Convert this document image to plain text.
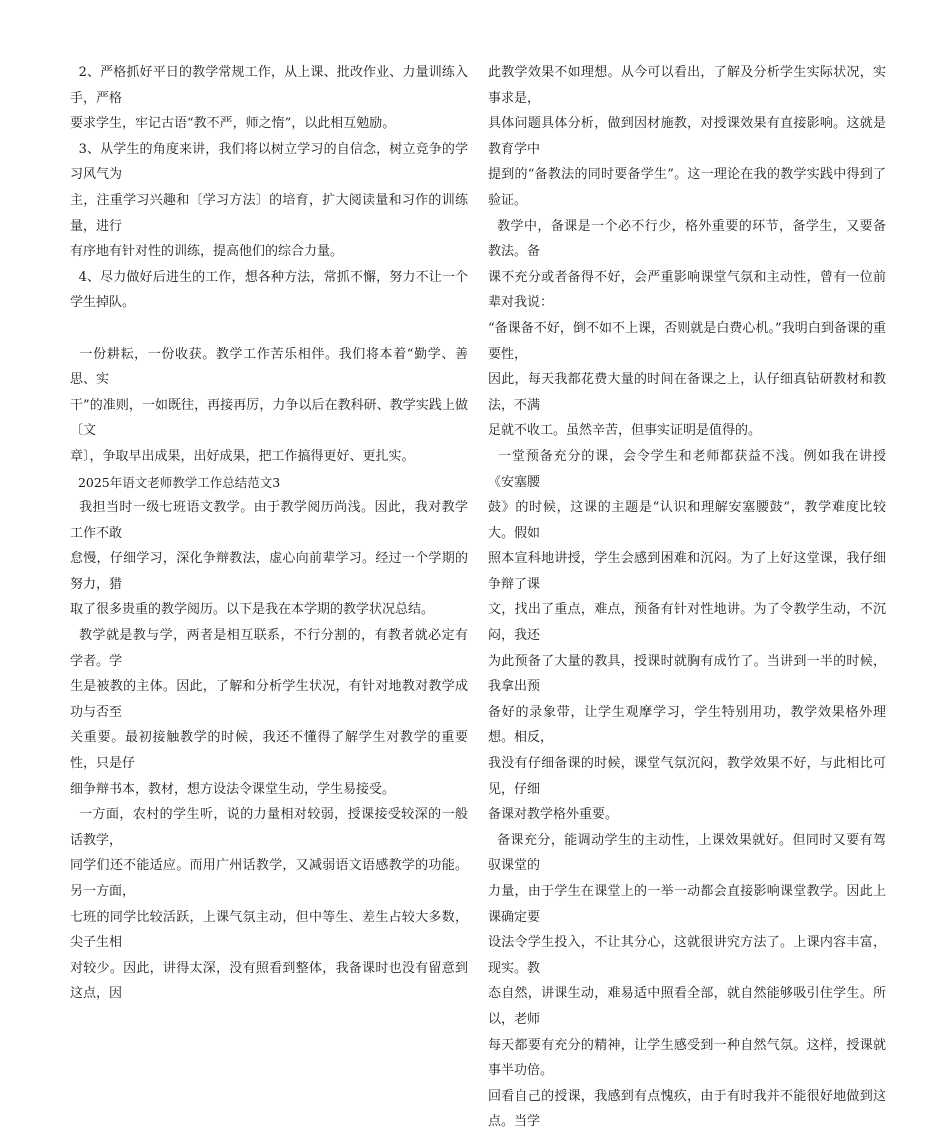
2、严格抓好平日的教学常规工作，从上课、批改作业、力量训练入手，严格
要求学生，牢记古语“教不严，师之惰”，以此相互勉励。

3、从学生的角度来讲，我们将以树立学习的自信念，树立竞争的学习风气为
主，注重学习兴趣和〔学习方法〕的培育，扩大阅读量和习作的训练量，进行
有序地有针对性的训练，提高他们的综合力量。

4、尽力做好后进生的工作，想各种方法，常抓不懈，努力不让一个学生掉队。

一份耕耘，一份收获。教学工作苦乐相伴。我们将本着“勤学、善思、实
干”的准则，一如既往，再接再厉，力争以后在教科研、教学实践上做〔文
章〕，争取早出成果，出好成果，把工作搞得更好、更扎实。

2025年语文老师教学工作总结范文3

我担当时一级七班语文教学。由于教学阅历尚浅。因此，我对教学工作不敢
怠慢，仔细学习，深化争辩教法，虚心向前辈学习。经过一个学期的努力，猎
取了很多贵重的教学阅历。以下是我在本学期的教学状况总结。

教学就是教与学，两者是相互联系，不行分割的，有教者就必定有学者。学
生是被教的主体。因此，了解和分析学生状况，有针对地教对教学成功与否至
关重要。最初接触教学的时候，我还不懂得了解学生对教学的重要性，只是仔
细争辩书本，教材，想方设法令课堂生动，学生易接受。

一方面，农村的学生听，说的力量相对较弱，授课接受较深的一般话教学，
同学们还不能适应。而用广州话教学，又减弱语文语感教学的功能。另一方面，
七班的同学比较活跃，上课气氛主动，但中等生、差生占较大多数，尖子生相
对较少。因此，讲得太深，没有照看到整体，我备课时也没有留意到这点，因

此教学效果不如理想。从今可以看出，了解及分析学生实际状况，实事求是，
具体问题具体分析，做到因材施教，对授课效果有直接影响。这就是教育学中
提到的“备教法的同时要备学生”。这一理论在我的教学实践中得到了验证。

教学中，备课是一个必不行少，格外重要的环节，备学生，又要备教法。备
课不充分或者备得不好，会严重影响课堂气氛和主动性，曾有一位前辈对我说：
“备课备不好，倒不如不上课，否则就是白费心机。”我明白到备课的重要性，
因此，每天我都花费大量的时间在备课之上，认仔细真钻研教材和教法，不满
足就不收工。虽然辛苦，但事实证明是值得的。

一堂预备充分的课，会令学生和老师都获益不浅。例如我在讲授《安塞腰
鼓》的时候，这课的主题是“认识和理解安塞腰鼓”，教学难度比较大。假如
照本宣科地讲授，学生会感到困难和沉闷。为了上好这堂课，我仔细争辩了课
文，找出了重点，难点，预备有针对性地讲。为了令教学生动，不沉闷，我还
为此预备了大量的教具，授课时就胸有成竹了。当讲到一半的时候，我拿出预
备好的录象带，让学生观摩学习，学生特别用功，教学效果格外理想。相反，
我没有仔细备课的时候，课堂气氛沉闷，教学效果不好，与此相比可见，仔细
备课对教学格外重要。

备课充分，能调动学生的主动性，上课效果就好。但同时又要有驾驭课堂的
力量，由于学生在课堂上的一举一动都会直接影响课堂教学。因此上课确定要
设法令学生投入，不让其分心，这就很讲究方法了。上课内容丰富，现实。教
态自然，讲课生动，难易适中照看全部，就自然能够吸引住学生。所以，老师
每天都要有充分的精神，让学生感受到一种自然气氛。这样，授课就事半功倍。
回看自己的授课，我感到有点愧疚，由于有时我并不能很好地做到这点。当学
